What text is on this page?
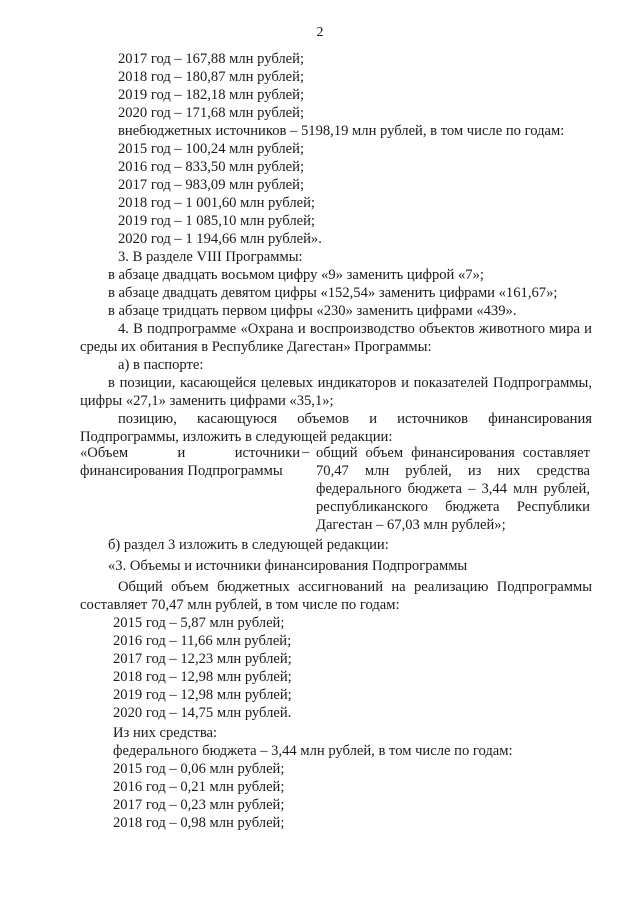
2
2017 год – 167,88 млн рублей;
2018 год – 180,87 млн рублей;
2019 год – 182,18 млн рублей;
2020 год – 171,68 млн рублей;
внебюджетных источников – 5198,19 млн рублей, в том числе по годам:
2015 год – 100,24 млн рублей;
2016 год – 833,50 млн рублей;
2017 год – 983,09 млн рублей;
2018 год – 1 001,60 млн рублей;
2019 год – 1 085,10 млн рублей;
2020 год – 1 194,66 млн рублей».
3. В разделе VIII Программы:
в абзаце двадцать восьмом цифру «9» заменить цифрой «7»;
в абзаце двадцать девятом цифры «152,54» заменить цифрами «161,67»;
в абзаце тридцать первом цифры «230» заменить цифрами «439».
4. В подпрограмме «Охрана и воспроизводство объектов животного мира и
среды их обитания в Республике Дагестан» Программы:
а) в паспорте:
в позиции, касающейся целевых индикаторов и показателей Подпрограммы,
цифры «27,1» заменить цифрами «35,1»;
позицию, касающуюся объемов и источников финансирования
Подпрограммы, изложить в следующей редакции:
«Объем и источники
финансирования Подпрограммы
– общий объем финансирования составляет
70,47 млн рублей, из них средства
федерального бюджета – 3,44 млн рублей,
республиканского бюджета Республики
Дагестан – 67,03 млн рублей»;
б) раздел 3 изложить в следующей редакции:
«3. Объемы и источники финансирования Подпрограммы
Общий объем бюджетных ассигнований на реализацию Подпрограммы
составляет 70,47 млн рублей, в том числе по годам:
2015 год – 5,87 млн рублей;
2016 год – 11,66 млн рублей;
2017 год – 12,23 млн рублей;
2018 год – 12,98 млн рублей;
2019 год – 12,98 млн рублей;
2020 год – 14,75 млн рублей.
Из них средства:
федерального бюджета – 3,44 млн рублей, в том числе по годам:
2015 год – 0,06 млн рублей;
2016 год – 0,21 млн рублей;
2017 год – 0,23 млн рублей;
2018 год – 0,98 млн рублей;
